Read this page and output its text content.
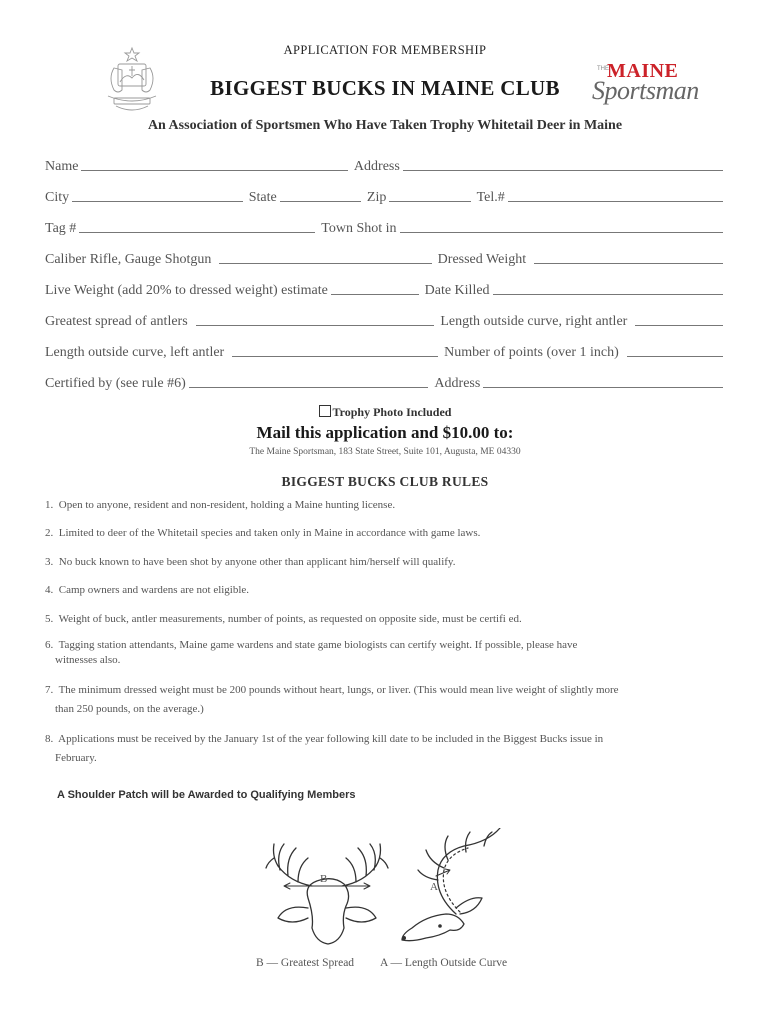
APPLICATION FOR MEMBERSHIP
BIGGEST BUCKS IN MAINE CLUB
THE
MAINE
Sportsman
An Association of Sportsmen Who Have Taken Trophy Whitetail Deer in Maine
Name	Address
City	State	Zip	Tel.#
Tag #	Town Shot in
Caliber Rifle, Gauge Shotgun	Dressed Weight
Live Weight (add 20% to dressed weight) estimate	Date Killed
Greatest spread of antlers	Length outside curve, right antler
Length outside curve, left antler	Number of points (over 1 inch)
Certified by (see rule #6)	Address
Trophy Photo Included
Mail this application and $10.00 to:
The Maine Sportsman, 183 State Street, Suite 101, Augusta, ME 04330
BIGGEST BUCKS CLUB RULES
1. Open to anyone, resident and non-resident, holding a Maine hunting license.
2. Limited to deer of the Whitetail species and taken only in Maine in accordance with game laws.
3. No buck known to have been shot by anyone other than applicant him/herself will qualify.
4. Camp owners and wardens are not eligible.
5. Weight of buck, antler measurements, number of points, as requested on opposite side, must be certifi ed.
6. Tagging station attendants, Maine game wardens and state game biologists can certify weight. If possible, please have
witnesses also.
7. The minimum dressed weight must be 200 pounds without heart, lungs, or liver. (This would mean live weight of slightly more
than 250 pounds, on the average.)
8. Applications must be received by the January 1st of the year following kill date to be included in the Biggest Bucks issue in
February.
A Shoulder Patch will be Awarded to Qualifying Members
B
A
B — Greatest Spread A — Length Outside Curve
